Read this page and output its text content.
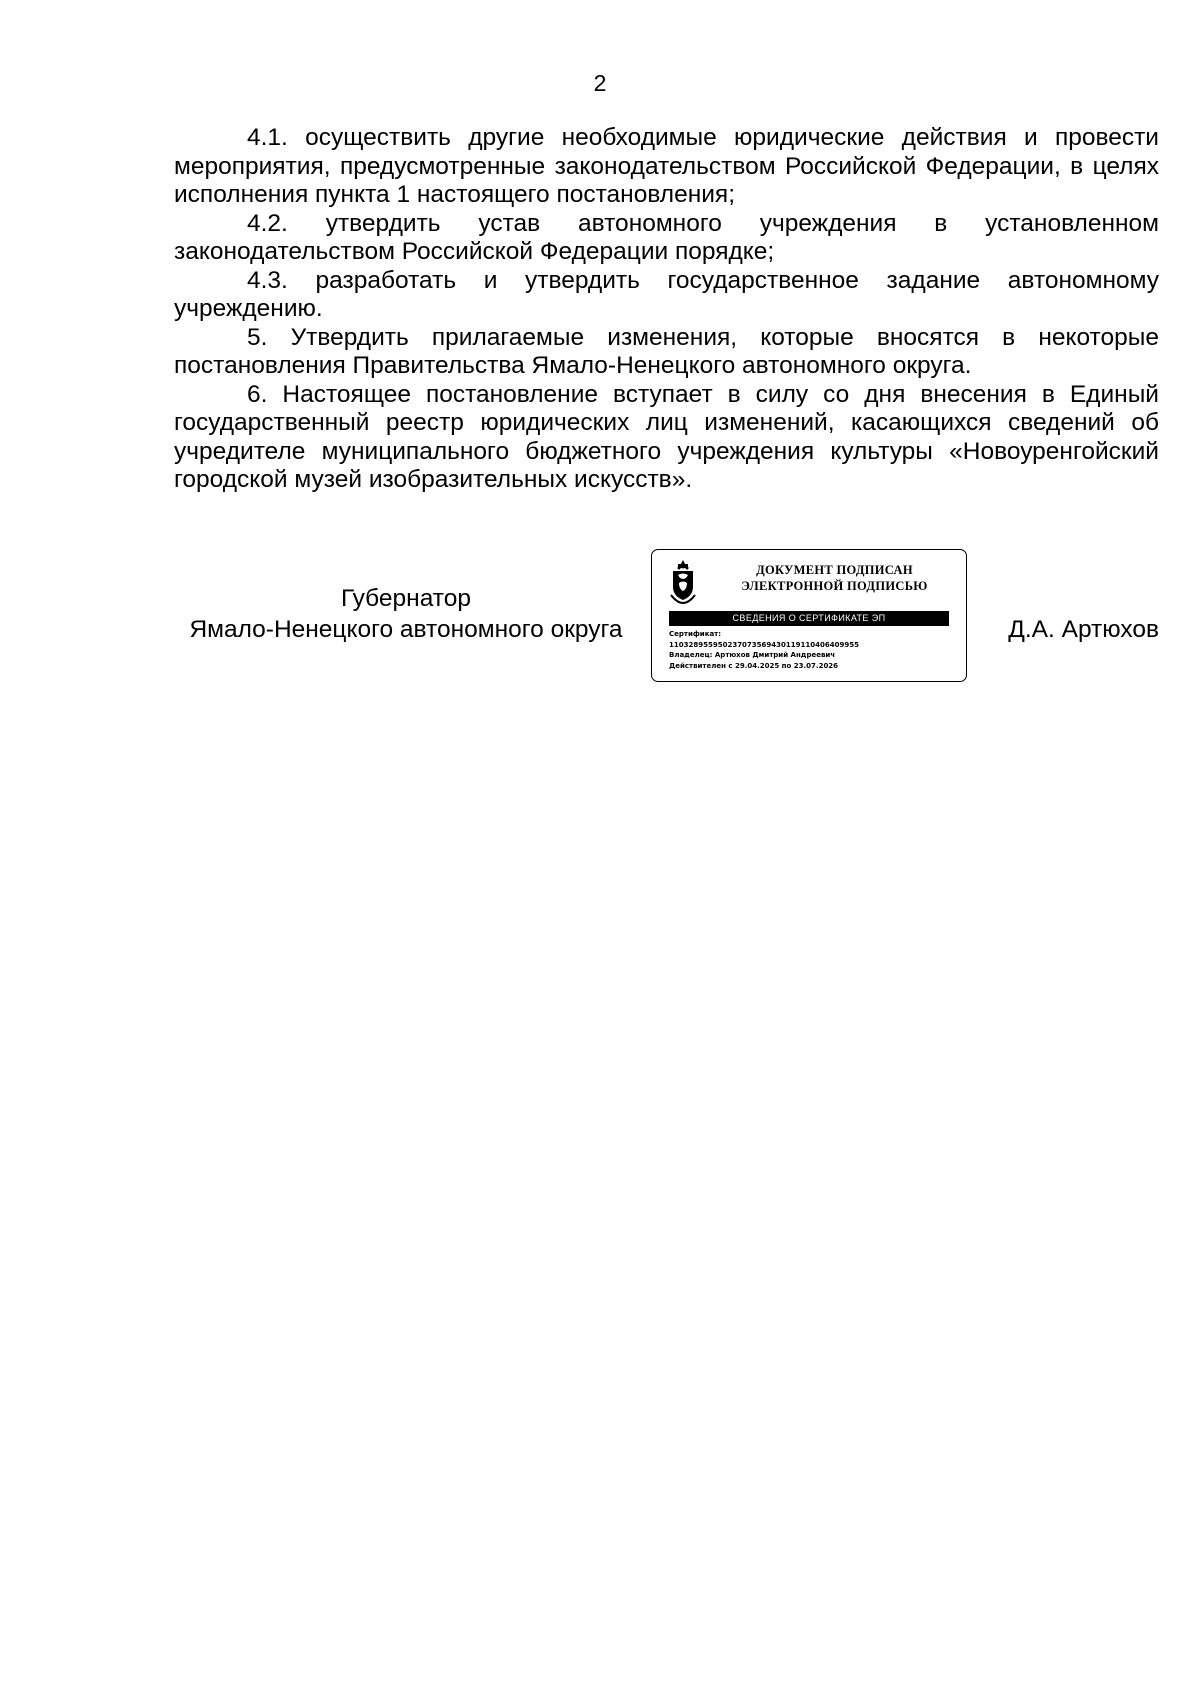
2

4.1. осуществить другие необходимые юридические действия и провести мероприятия, предусмотренные законодательством Российской Федерации, в целях исполнения пункта 1 настоящего постановления;

4.2. утвердить устав автономного учреждения в установленном законодательством Российской Федерации порядке;

4.3. разработать и утвердить государственное задание автономному учреждению.

5. Утвердить прилагаемые изменения, которые вносятся в некоторые постановления Правительства Ямало-Ненецкого автономного округа.

6. Настоящее постановление вступает в силу со дня внесения в Единый государственный реестр юридических лиц изменений, касающихся сведений об учредителе муниципального бюджетного учреждения культуры «Новоуренгойский городской музей изобразительных искусств».

Губернатор
Ямало-Ненецкого автономного округа
ДОКУМЕНТ ПОДПИСАН
ЭЛЕКТРОННОЙ ПОДПИСЬЮ
СВЕДЕНИЯ О СЕРТИФИКАТЕ ЭП
Сертификат:
110328955950237073569430119110406409955
Владелец: Артюхов Дмитрий Андреевич
Действителен с 29.04.2025 по 23.07.2026
Д.А. Артюхов
